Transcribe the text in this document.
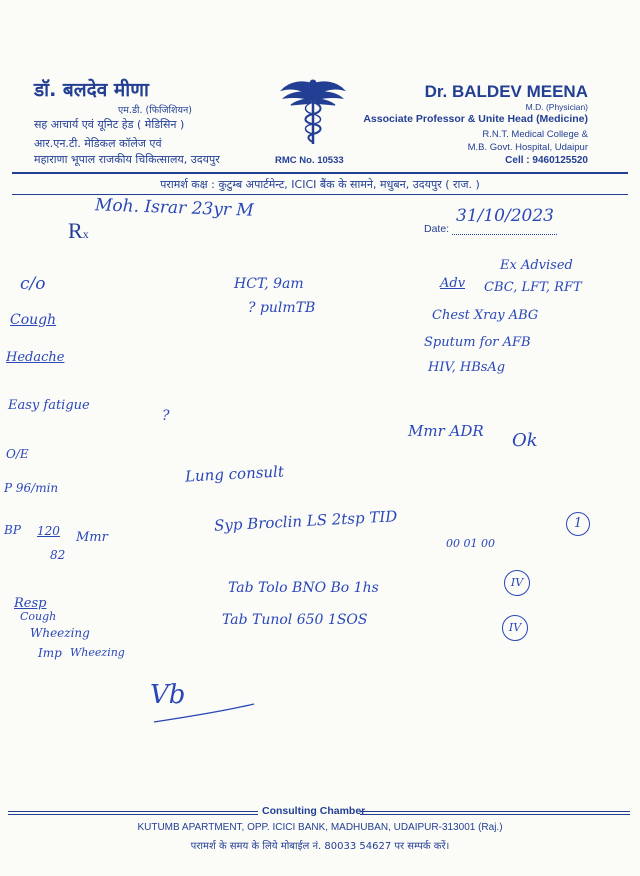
डॉ. बलदेव मीणा
एम.डी. (फिजिशियन)
सह आचार्य एवं यूनिट हेड ( मेडिसिन )
आर.एन.टी. मेडिकल कॉलेज एवं
महाराणा भूपाल राजकीय चिकित्सालय, उदयपुर	RMC No. 10533
Dr. BALDEV MEENA
M.D. (Physician)
Associate Professor & Unite Head (Medicine)
R.N.T. Medical College &
M.B. Govt. Hospital, Udaipur
Cell : 9460125520
परामर्श कक्ष : कुटुम्ब अपार्टमेन्ट, ICICI बैंक के सामने, मधुबन, उदयपुर ( राज. )
Rx	Date:
Moh. Israr 23yr M	31/10/2023
c/o
Cough
Hedache
Easy fatigue
O/E
P 96/min
BP 120
82
Mmr
Resp
Wheezing
Imp
Cough
Wheezing
HCT, 9am
? pulmTB
?
Lung consult
Ex Advised
Adv CBC, LFT, RFT
Chest Xray ABG
Sputum for AFB
HIV, HBsAg
Mmr ADR Ok
Syp Broclin LS 2tsp TID
00 01 00
1
Tab Tolo BNO Bo 1hs	IV
Tab Tunol 650 1SOS	IV
Vb
Consulting Chamber
KUTUMB APARTMENT, OPP. ICICI BANK, MADHUBAN, UDAIPUR-313001 (Raj.)
परामर्श के समय के लिये मोबाईल नं. 80033 54627 पर सम्पर्क करें।
